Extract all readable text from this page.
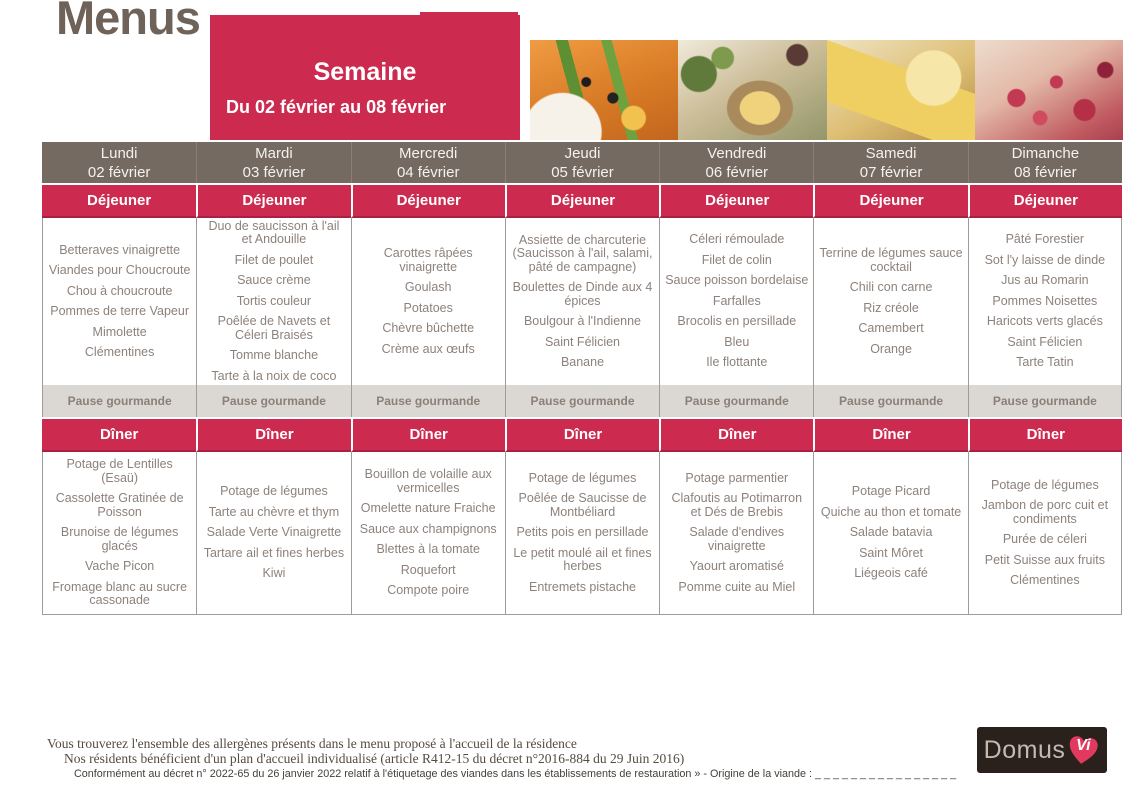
Menus
Semaine
Du 02 février au 08 février
Lundi
02 février
Déjeuner
Betteraves vinaigrette
Viandes pour Choucroute
Chou à choucroute
Pommes de terre Vapeur
Mimolette
Clémentines
Pause gourmande
Dîner
Potage de Lentilles (Esaü)
Cassolette Gratinée de Poisson
Brunoise de légumes glacés
Vache Picon
Fromage blanc au sucre cassonade
Mardi
03 février
Déjeuner
Duo de saucisson à l'ail et Andouille
Filet de poulet
Sauce crème
Tortis couleur
Poêlée de Navets et Céleri Braisés
Tomme blanche
Tarte à la noix de coco
Pause gourmande
Dîner
Potage de légumes
Tarte au chèvre et thym
Salade Verte Vinaigrette
Tartare ail et fines herbes
Kiwi
Mercredi
04 février
Déjeuner
Carottes râpées vinaigrette
Goulash
Potatoes
Chèvre bûchette
Crème aux œufs
Pause gourmande
Dîner
Bouillon de volaille aux vermicelles
Omelette nature Fraiche
Sauce aux champignons
Blettes à la tomate
Roquefort
Compote poire
Jeudi
05 février
Déjeuner
Assiette de charcuterie (Saucisson à l'ail, salami, pâté de campagne)
Boulettes de Dinde aux 4 épices
Boulgour à l'Indienne
Saint Félicien
Banane
Pause gourmande
Dîner
Potage de légumes
Poêlée de Saucisse de Montbéliard
Petits pois en persillade
Le petit moulé ail et fines herbes
Entremets pistache
Vendredi
06 février
Déjeuner
Céleri rémoulade
Filet de colin
Sauce poisson bordelaise
Farfalles
Brocolis en persillade
Bleu
Ile flottante
Pause gourmande
Dîner
Potage parmentier
Clafoutis au Potimarron et Dés de Brebis
Salade d'endives vinaigrette
Yaourt aromatisé
Pomme cuite au Miel
Samedi
07 février
Déjeuner
Terrine de légumes sauce cocktail
Chili con carne
Riz créole
Camembert
Orange
Pause gourmande
Dîner
Potage Picard
Quiche au thon et tomate
Salade batavia
Saint Môret
Liégeois café
Dimanche
08 février
Déjeuner
Pâté Forestier
Sot l'y laisse de dinde
Jus au Romarin
Pommes Noisettes
Haricots verts glacés
Saint Félicien
Tarte Tatin
Pause gourmande
Dîner
Potage de légumes
Jambon de porc cuit et condiments
Purée de céleri
Petit Suisse aux fruits
Clémentines
Vous trouverez l'ensemble des allergènes présents dans le menu proposé à l'accueil de la résidence
Nos résidents bénéficient d'un plan d'accueil individualisé (article R412-15 du décret n°2016-884 du 29 Juin 2016)
Conformément au décret n° 2022-65 du 26 janvier 2022 relatif à l'étiquetage des viandes dans les établissements de restauration » - Origine de la viande : _ _ _ _ _ _ _ _ _ _ _ _ _ _ _ _
Domus Vi
